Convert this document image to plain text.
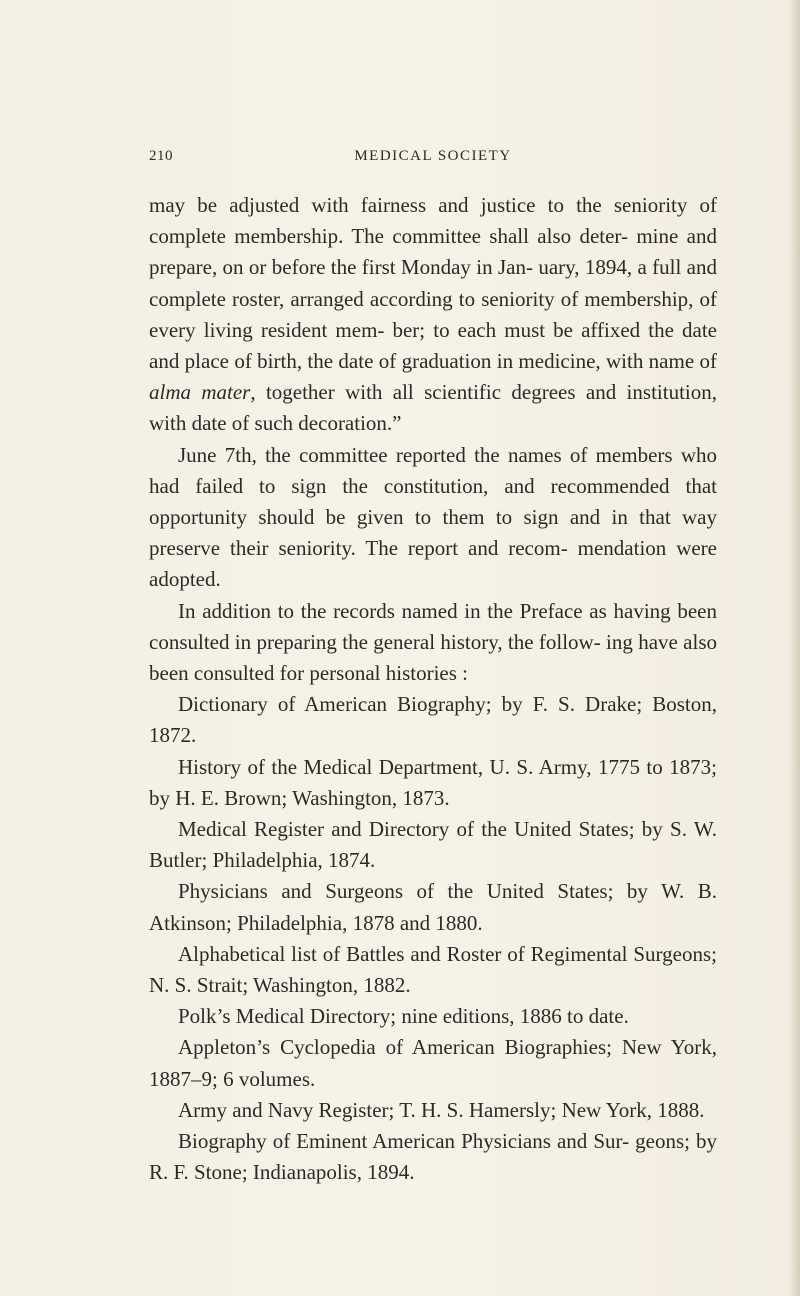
210	MEDICAL SOCIETY

may be adjusted with fairness and justice to the seniority of complete membership. The committee shall also deter- mine and prepare, on or before the first Monday in Jan- uary, 1894, a full and complete roster, arranged according to seniority of membership, of every living resident mem- ber; to each must be affixed the date and place of birth, the date of graduation in medicine, with name of alma mater, together with all scientific degrees and institution, with date of such decoration.”

June 7th, the committee reported the names of members who had failed to sign the constitution, and recommended that opportunity should be given to them to sign and in that way preserve their seniority. The report and recom- mendation were adopted.

In addition to the records named in the Preface as having been consulted in preparing the general history, the follow- ing have also been consulted for personal histories :

Dictionary of American Biography; by F. S. Drake; Boston, 1872.

History of the Medical Department, U. S. Army, 1775 to 1873; by H. E. Brown; Washington, 1873.

Medical Register and Directory of the United States; by S. W. Butler; Philadelphia, 1874.

Physicians and Surgeons of the United States; by W. B. Atkinson; Philadelphia, 1878 and 1880.

Alphabetical list of Battles and Roster of Regimental Surgeons; N. S. Strait; Washington, 1882.

Polk’s Medical Directory; nine editions, 1886 to date.

Appleton’s Cyclopedia of American Biographies; New York, 1887–9; 6 volumes.

Army and Navy Register; T. H. S. Hamersly; New York, 1888.

Biography of Eminent American Physicians and Sur- geons; by R. F. Stone; Indianapolis, 1894.
